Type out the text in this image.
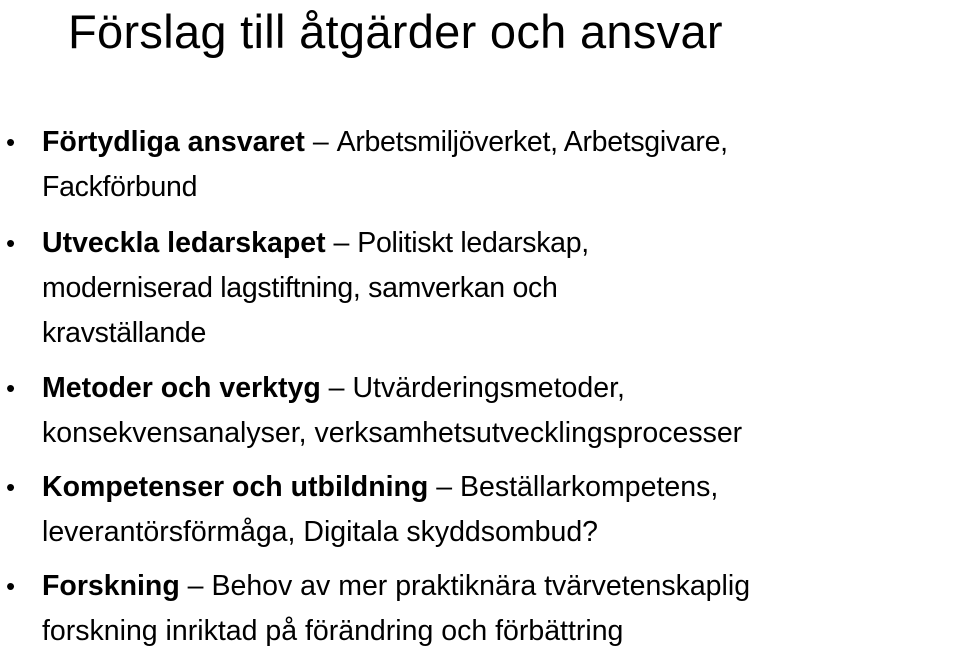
Förslag till åtgärder och ansvar
• Förtydliga ansvaret – Arbetsmiljöverket, Arbetsgivare,
Fackförbund
• Utveckla ledarskapet – Politiskt ledarskap,
moderniserad lagstiftning, samverkan och
kravställande
• Metoder och verktyg – Utvärderingsmetoder,
konsekvensanalyser, verksamhetsutvecklingsprocesser
• Kompetenser och utbildning – Beställarkompetens,
leverantörsförmåga, Digitala skyddsombud?
• Forskning – Behov av mer praktiknära tvärvetenskaplig
forskning inriktad på förändring och förbättring
